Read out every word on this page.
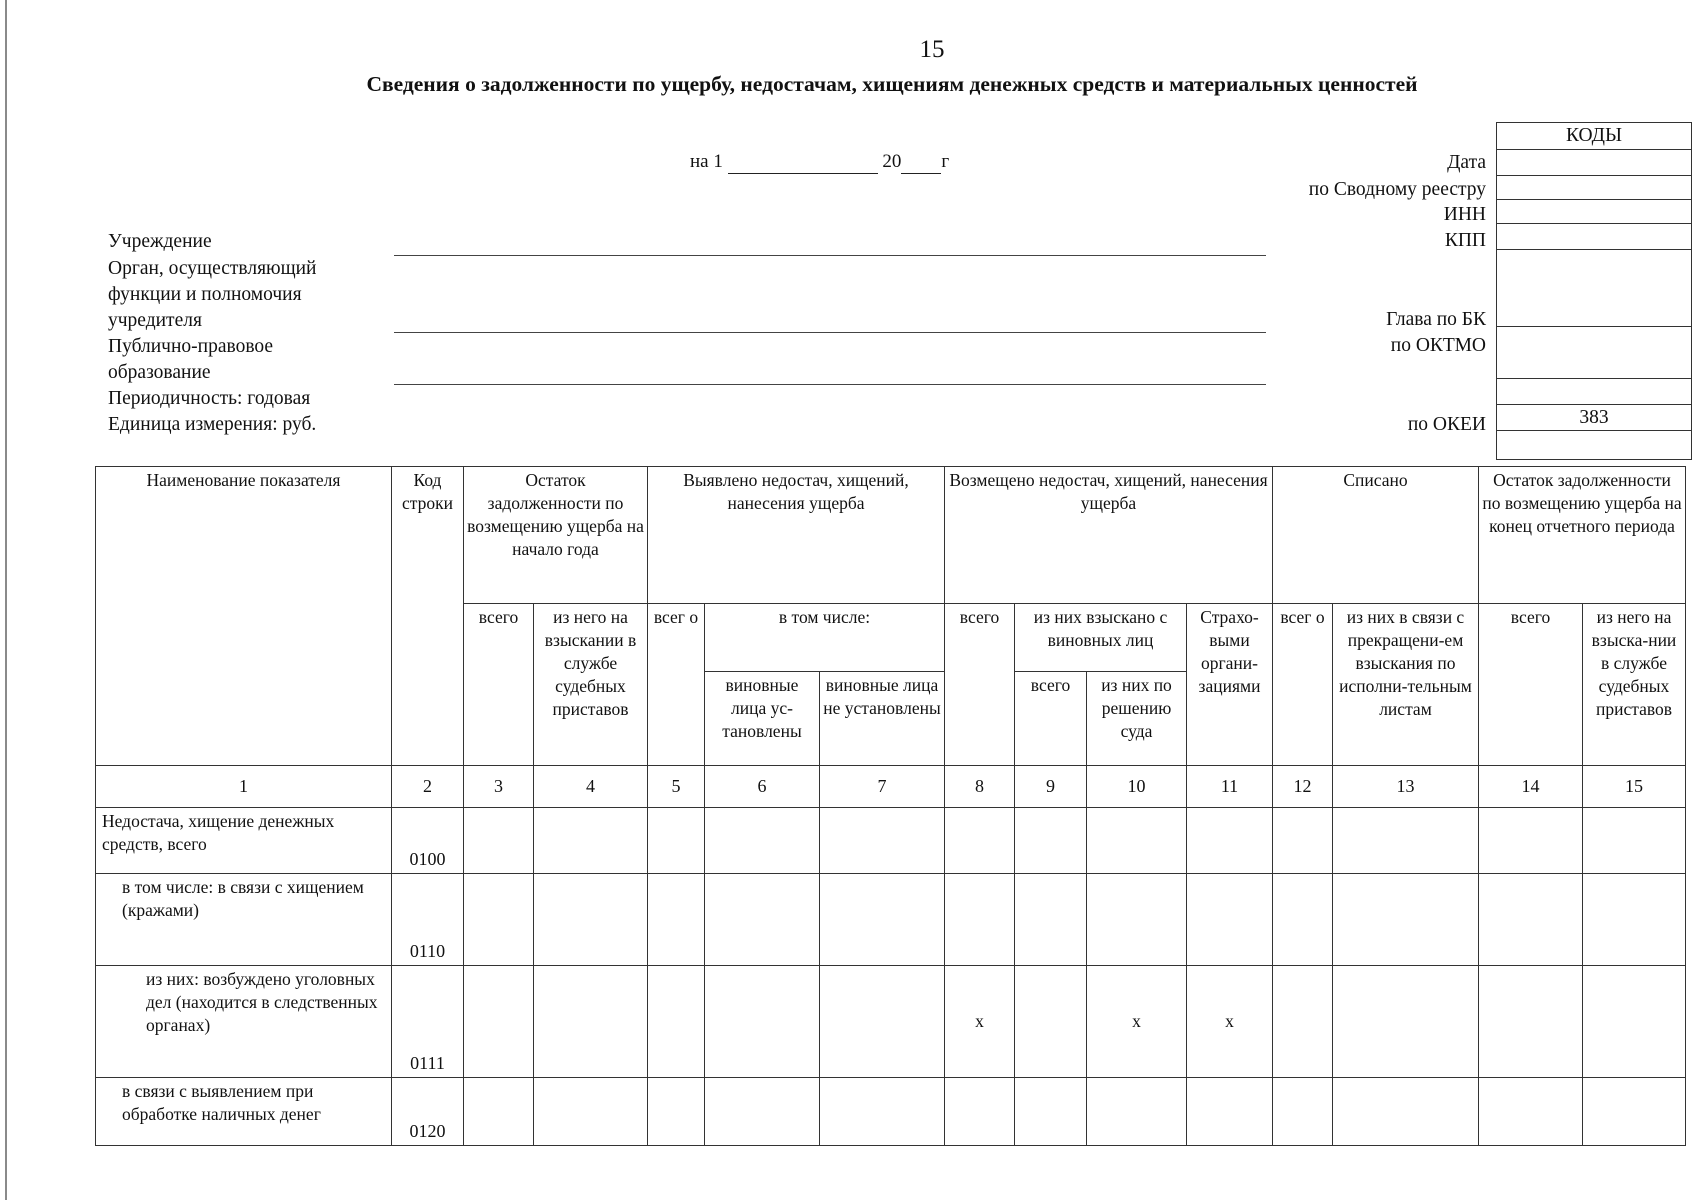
15
Сведения о задолженности по ущербу, недостачам, хищениям денежных средств и материальных ценностей
на 1	20 г
Учреждение
Орган, осуществляющий
функции и полномочия
учредителя
Публично-правовое
образование
Периодичность: годовая
Единица измерения: руб.
Дата
по Сводному реестру
ИНН
КПП
Глава по БК
по ОКТМО
по ОКЕИ
КОДЫ
383
Наименование показателя	Код строки	Остаток задолженности по возмещению ущерба на начало года		Выявлено недостач, хищений, нанесения ущерба			Возмещено недостач, хищений, нанесения ущерба				Списано		Остаток задолженности по возмещению ущерба на конец отчетного периода	
		всего	из него на взыскании в службе судебных приставов	всег о	в том числе:		всего	из них взыскано с виновных лиц		Страхо-выми органи-зациями	всег о	из них в связи с прекращени-ем взыскания по исполни-тельным листам	всего	из него на взыска-нии в службе судебных приставов
					виновные лица ус-тановлены	виновные лица не установлены		всего	из них по решению суда					
1	2	3	4	5	6	7	8	9	10	11	12	13	14	15
Недостача, хищение денежных средств, всего	0100													
в том числе: в связи с хищением (кражами)	0110													
из них: возбуждено уголовных дел (находится в следственных органах)	0111						х		х	х				
в связи с выявлением при обработке наличных денег	0120													
